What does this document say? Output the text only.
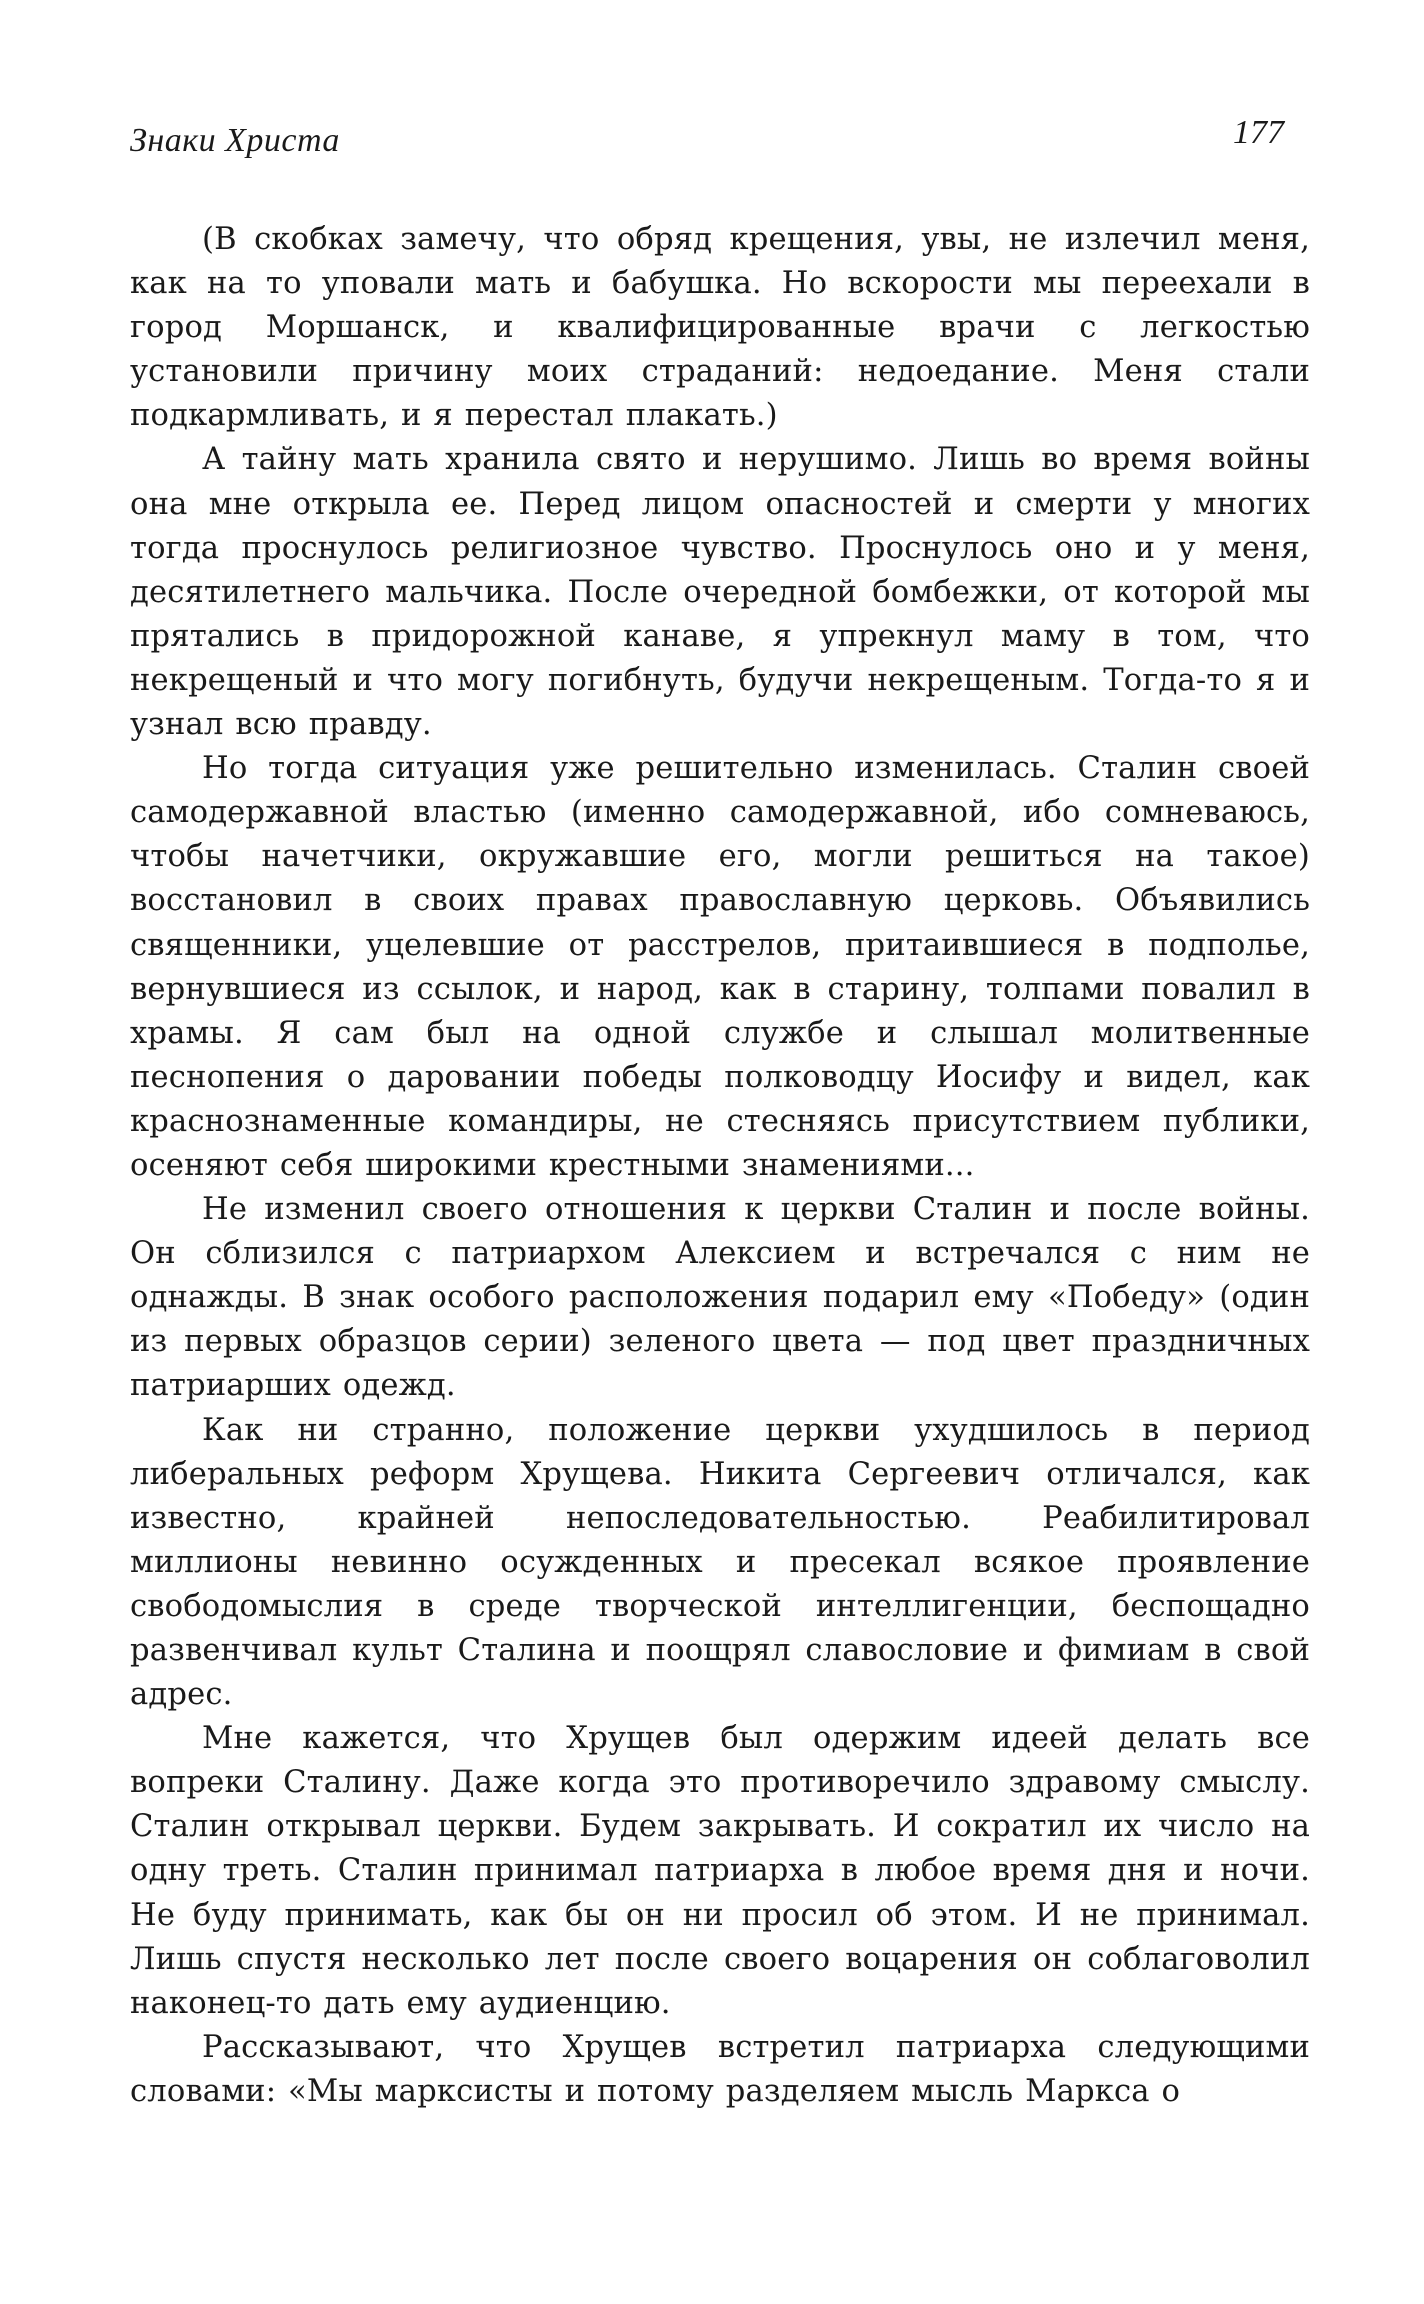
Знаки Христа	177

(В скобках замечу, что обряд крещения, увы, не излечил меня, как на то уповали мать и бабушка. Но вскорости мы переехали в город Моршанск, и квалифицированные врачи с легкостью установили причину моих страданий: недоедание. Меня стали подкармливать, и я перестал плакать.)

А тайну мать хранила свято и нерушимо. Лишь во время войны она мне открыла ее. Перед лицом опасностей и смерти у многих тогда проснулось религиозное чувство. Проснулось оно и у меня, десятилетнего мальчика. После очередной бомбежки, от которой мы прятались в придорожной канаве, я упрекнул маму в том, что некрещеный и что могу погибнуть, будучи некрещеным. Тогда-то я и узнал всю правду.

Но тогда ситуация уже решительно изменилась. Сталин своей самодержавной властью (именно самодержавной, ибо сомневаюсь, чтобы начетчики, окружавшие его, могли решиться на такое) восстановил в своих правах православную церковь. Объявились священники, уцелевшие от расстрелов, притаившиеся в подполье, вернувшиеся из ссылок, и народ, как в старину, толпами повалил в храмы. Я сам был на одной службе и слышал молитвенные песнопения о даровании победы полководцу Иосифу и видел, как краснознаменные командиры, не стесняясь присутствием публики, осеняют себя широкими крестными знамениями...

Не изменил своего отношения к церкви Сталин и после войны. Он сблизился с патриархом Алексием и встречался с ним не однажды. В знак особого расположения подарил ему «Победу» (один из первых образцов серии) зеленого цвета — под цвет праздничных патриарших одежд.

Как ни странно, положение церкви ухудшилось в период либеральных реформ Хрущева. Никита Сергеевич отличался, как известно, крайней непоследовательностью. Реабилитировал миллионы невинно осужденных и пресекал всякое проявление свободомыслия в среде творческой интеллигенции, беспощадно развенчивал культ Сталина и поощрял славословие и фимиам в свой адрес.

Мне кажется, что Хрущев был одержим идеей делать все вопреки Сталину. Даже когда это противоречило здравому смыслу. Сталин открывал церкви. Будем закрывать. И сократил их число на одну треть. Сталин принимал патриарха в любое время дня и ночи. Не буду принимать, как бы он ни просил об этом. И не принимал. Лишь спустя несколько лет после своего воцарения он соблаговолил наконец-то дать ему аудиенцию.

Рассказывают, что Хрущев встретил патриарха следующими словами: «Мы марксисты и потому разделяем мысль Маркса о
